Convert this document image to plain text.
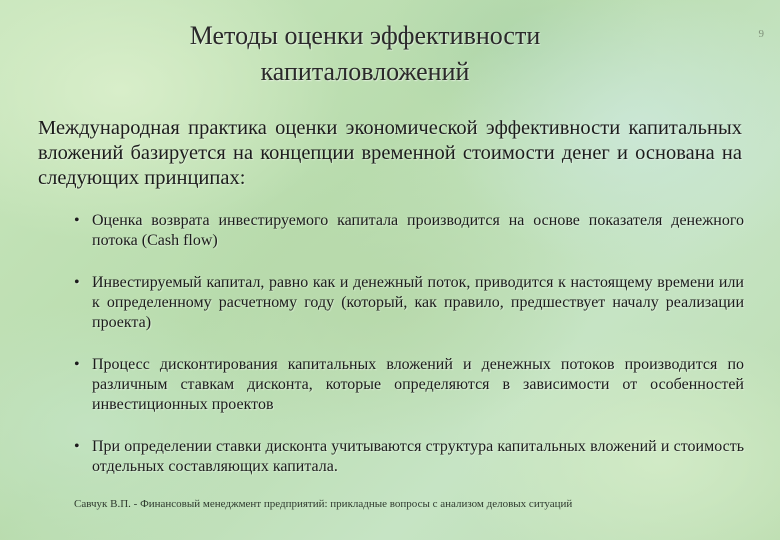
9
Методы оценки эффективности капиталовложений
Международная практика оценки экономической эффективности капитальных вложений базируется на концепции временной стоимости денег и основана на следующих принципах:
• Оценка возврата инвестируемого капитала производится на основе показателя денежного потока (Cash flow)
• Инвестируемый капитал, равно как и денежный поток, приводится к настоящему времени или к определенному расчетному году (который, как правило, предшествует началу реализации проекта)
• Процесс дисконтирования капитальных вложений и денежных потоков производится по различным ставкам дисконта, которые определяются в зависимости от особенностей инвестиционных проектов
• При определении ставки дисконта учитываются структура капитальных вложений и стоимость отдельных составляющих капитала.
Савчук В.П. - Финансовый менеджмент предприятий: прикладные вопросы с анализом деловых ситуаций
